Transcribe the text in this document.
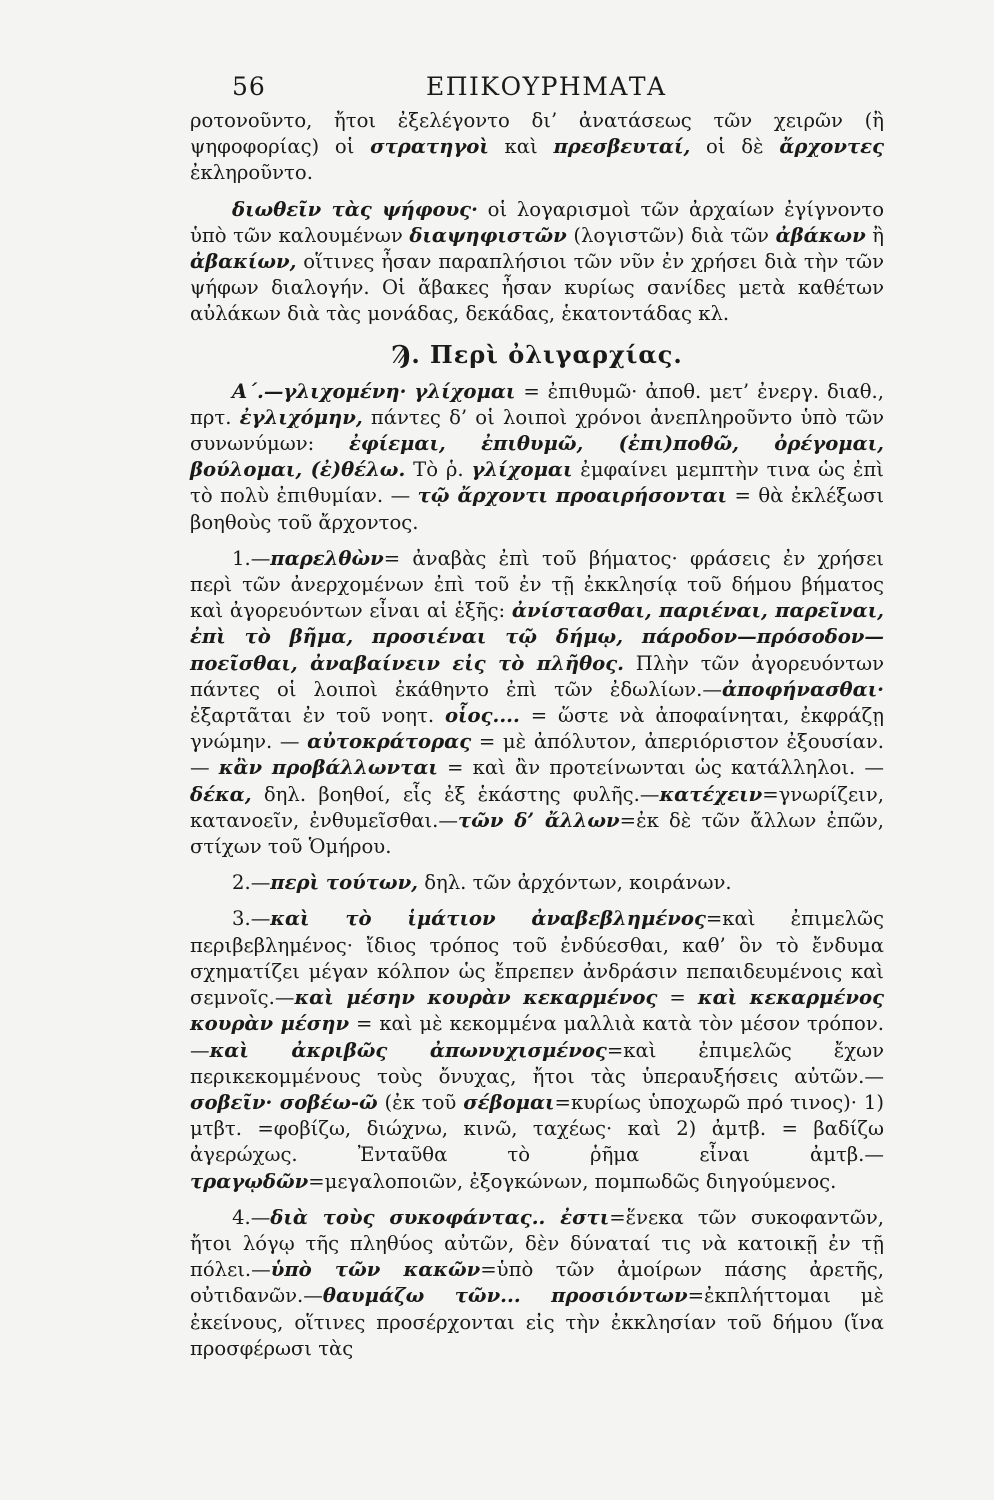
56	ΕΠΙΚΟΥΡΗΜΑΤΑ

ροτονοῦντο, ἤτοι ἐξελέγοντο δι’ ἀνατάσεως τῶν χειρῶν (ἢ ψηφοφορίας) οἱ στρατηγοὶ καὶ πρεσβευταί, οἱ δὲ ἄρχοντες ἐκληροῦντο.

διωθεῖν τὰς ψήφους· οἱ λογαρισμοὶ τῶν ἀρχαίων ἐγίγνοντο ὑπὸ τῶν καλουμένων διαψηφιστῶν (λογιστῶν) διὰ τῶν ἀβάκων ἢ ἀβακίων, οἵτινες ἦσαν παραπλήσιοι τῶν νῦν ἐν χρήσει διὰ τὴν τῶν ψήφων διαλογήν. Οἱ ἄβακες ἦσαν κυρίως σανίδες μετὰ καθέτων αὐλάκων διὰ τὰς μονάδας, δεκάδας, ἑκατοντάδας κλ.

Ϡ. Περὶ ὀλιγαρχίας.

Α΄.—γλιχομένη· γλίχομαι = ἐπιθυμῶ· ἀποθ. μετ’ ἐνεργ. διαθ., πρτ. ἐγλιχόμην, πάντες δ’ οἱ λοιποὶ χρόνοι ἀνεπληροῦντο ὑπὸ τῶν συνωνύμων: ἐφίεμαι, ἐπιθυμῶ, (ἐπι)ποθῶ, ὀρέγομαι, βούλομαι, (ἐ)θέλω. Τὸ ῥ. γλίχομαι ἐμφαίνει μεμπτὴν τινα ὡς ἐπὶ τὸ πολὺ ἐπιθυμίαν. — τῷ ἄρχοντι προαιρήσονται = θὰ ἐκλέξωσι βοηθοὺς τοῦ ἄρχοντος.

1.—παρελθὼν= ἀναβὰς ἐπὶ τοῦ βήματος· φράσεις ἐν χρήσει περὶ τῶν ἀνερχομένων ἐπὶ τοῦ ἐν τῇ ἐκκλησίᾳ τοῦ δήμου βήματος καὶ ἀγορευόντων εἶναι αἱ ἑξῆς: ἀνίστασθαι, παριέναι, παρεῖναι, ἐπὶ τὸ βῆμα, προσιέναι τῷ δήμῳ, πάροδον—πρόσοδον—ποεῖσθαι, ἀναβαίνειν εἰς τὸ πλῆθος. Πλὴν τῶν ἀγορευόντων πάντες οἱ λοιποὶ ἐκάθηντο ἐπὶ τῶν ἐδωλίων.—ἀποφήνασθαι· ἐξαρτᾶται ἐν τοῦ νοητ. οἷος.... = ὥστε νὰ ἀποφαίνηται, ἐκφράζῃ γνώμην. — αὐτοκράτορας = μὲ ἀπόλυτον, ἀπεριόριστον ἐξουσίαν. — κἂν προβάλλωνται = καὶ ἂν προτείνωνται ὡς κατάλληλοι. — δέκα, δηλ. βοηθοί, εἷς ἐξ ἑκάστης φυλῆς.—κατέχειν=γνωρίζειν, κατανοεῖν, ἐνθυμεῖσθαι.—τῶν δ’ ἄλλων=ἐκ δὲ τῶν ἄλλων ἐπῶν, στίχων τοῦ Ὁμήρου.

2.—περὶ τούτων, δηλ. τῶν ἀρχόντων, κοιράνων.

3.—καὶ τὸ ἱμάτιον ἀναβεβλημένος=καὶ ἐπιμελῶς περιβεβλημένος· ἴδιος τρόπος τοῦ ἐνδύεσθαι, καθ’ ὃν τὸ ἔνδυμα σχηματίζει μέγαν κόλπον ὡς ἔπρεπεν ἀνδράσιν πεπαιδευμένοις καὶ σεμνοῖς.—καὶ μέσην κουρὰν κεκαρμένος = καὶ κεκαρμένος κουρὰν μέσην = καὶ μὲ κεκομμένα μαλλιὰ κατὰ τὸν μέσον τρόπον.—καὶ ἀκριβῶς ἀπωνυχισμένος=καὶ ἐπιμελῶς ἔχων περικεκομμένους τοὺς ὄνυχας, ἤτοι τὰς ὑπεραυξήσεις αὐτῶν.—σοβεῖν· σοβέω-ῶ (ἐκ τοῦ σέβομαι=κυρίως ὑποχωρῶ πρό τινος)· 1) μτβτ. =φοβίζω, διώχνω, κινῶ, ταχέως· καὶ 2) ἀμτβ. = βαδίζω ἀγερώχως. Ἐνταῦθα τὸ ῥῆμα εἶναι ἀμτβ.—τραγῳδῶν=μεγαλοποιῶν, ἐξογκώνων, πομπωδῶς διηγούμενος.

4.—διὰ τοὺς συκοφάντας.. ἐστι=ἕνεκα τῶν συκοφαντῶν, ἤτοι λόγῳ τῆς πληθύος αὐτῶν, δὲν δύναταί τις νὰ κατοικῇ ἐν τῇ πόλει.—ὑπὸ τῶν κακῶν=ὑπὸ τῶν ἀμοίρων πάσης ἀρετῆς, οὐτιδανῶν.—θαυμάζω τῶν... προσιόντων=ἐκπλήττομαι μὲ ἐκείνους, οἵτινες προσέρχονται εἰς τὴν ἐκκλησίαν τοῦ δήμου (ἵνα προσφέρωσι τὰς
